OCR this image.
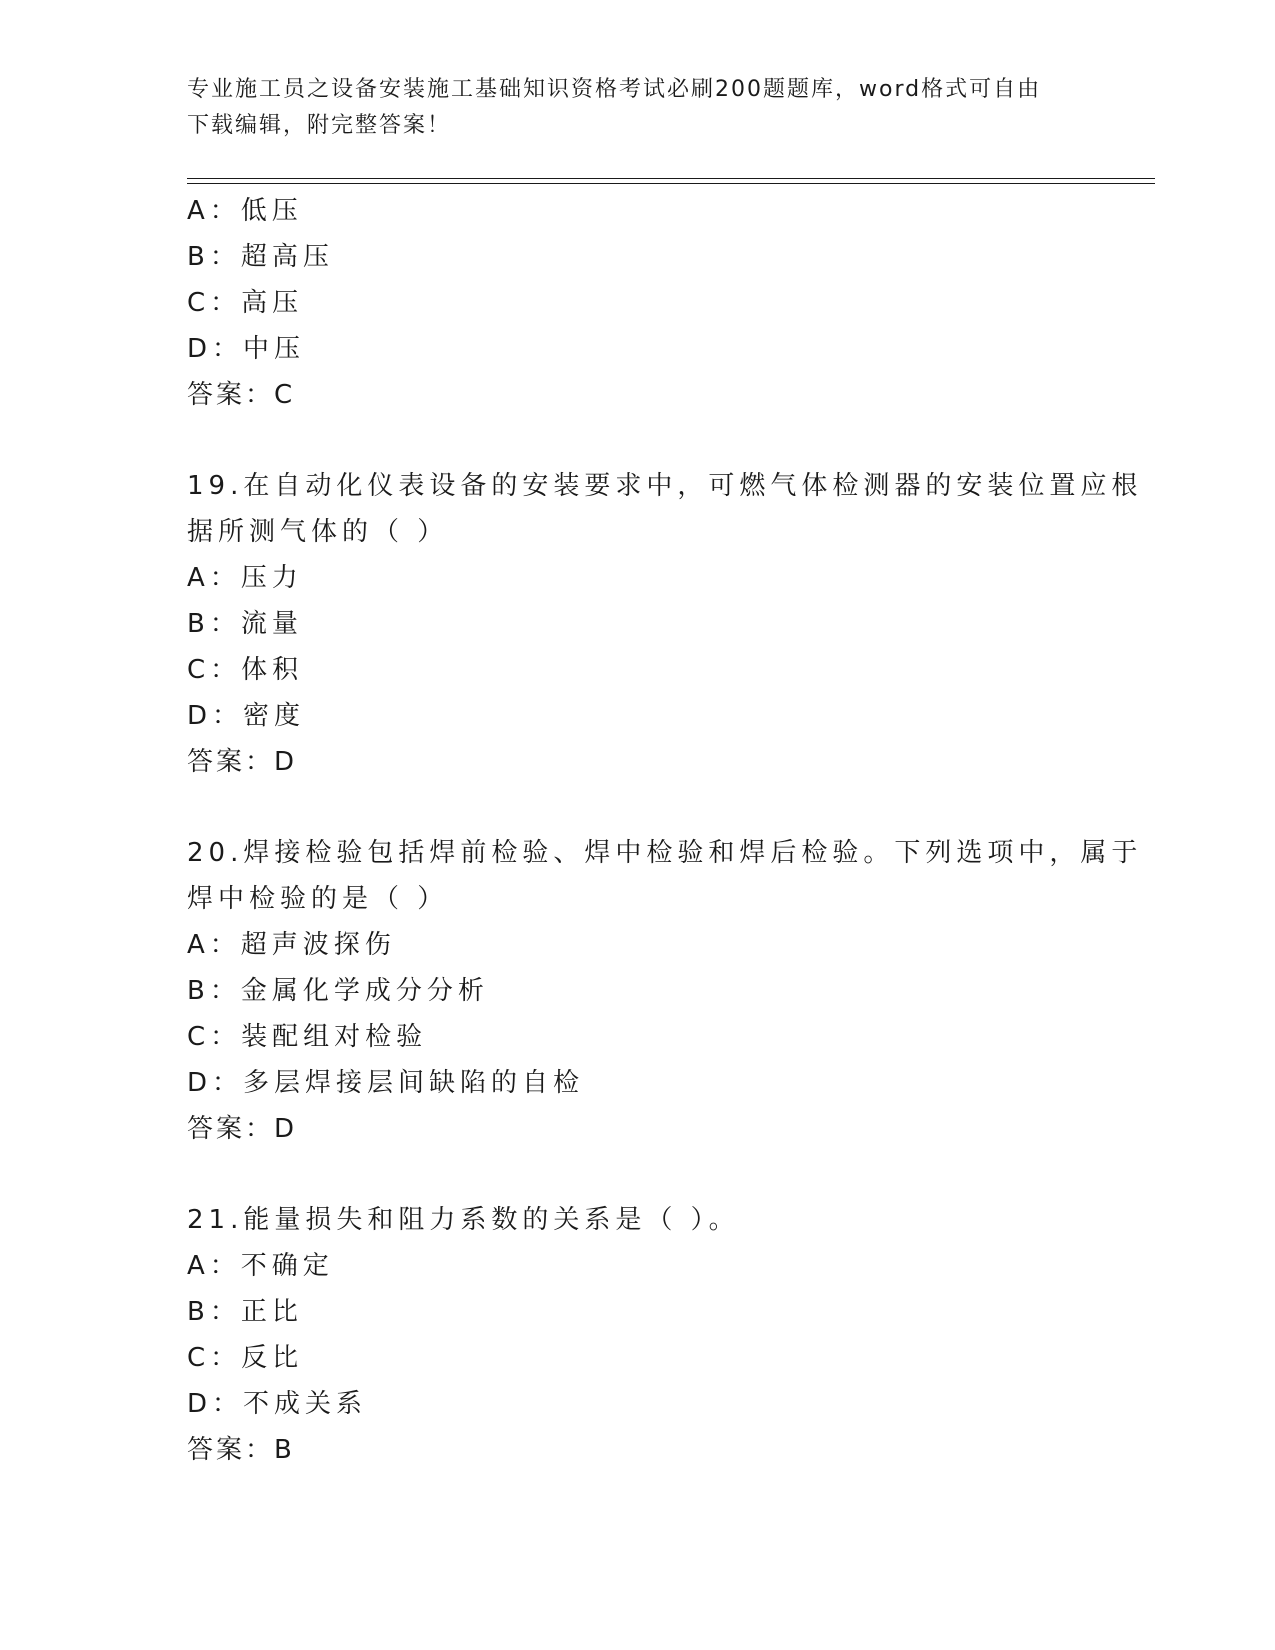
专业施工员之设备安装施工基础知识资格考试必刷200题题库，word格式可自由
下载编辑，附完整答案！
A：低压
B：超高压
C：高压
D：中压
答案：C
19.在自动化仪表设备的安装要求中，可燃气体检测器的安装位置应根
据所测气体的（ ）
A：压力
B：流量
C：体积
D：密度
答案：D
20.焊接检验包括焊前检验、焊中检验和焊后检验。下列选项中，属于
焊中检验的是（ ）
A：超声波探伤
B：金属化学成分分析
C：装配组对检验
D：多层焊接层间缺陷的自检
答案：D
21.能量损失和阻力系数的关系是（ ）。
A：不确定
B：正比
C：反比
D：不成关系
答案：B
